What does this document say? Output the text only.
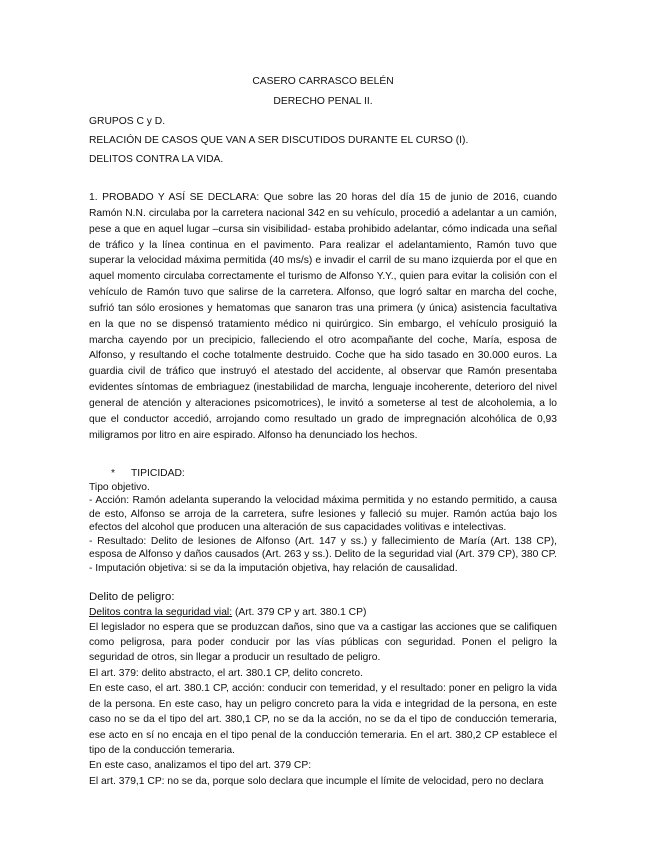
CASERO CARRASCO BELÉN
DERECHO PENAL II.
GRUPOS C y D.
RELACIÓN DE CASOS QUE VAN A SER DISCUTIDOS DURANTE EL CURSO (I).
DELITOS CONTRA LA VIDA.

1. PROBADO Y ASÍ SE DECLARA: Que sobre las 20 horas del día 15 de junio de 2016, cuando Ramón N.N. circulaba por la carretera nacional 342 en su vehículo, procedió a adelantar a un camión, pese a que en aquel lugar –cursa sin visibilidad- estaba prohibido adelantar, cómo indicada una señal de tráfico y la línea continua en el pavimento. Para realizar el adelantamiento, Ramón tuvo que superar la velocidad máxima permitida (40 ms/s) e invadir el carril de su mano izquierda por el que en aquel momento circulaba correctamente el turismo de Alfonso Y.Y., quien para evitar la colisión con el vehículo de Ramón tuvo que salirse de la carretera. Alfonso, que logró saltar en marcha del coche, sufrió tan sólo erosiones y hematomas que sanaron tras una primera (y única) asistencia facultativa en la que no se dispensó tratamiento médico ni quirúrgico. Sin embargo, el vehículo prosiguió la marcha cayendo por un precipicio, falleciendo el otro acompañante del coche, María, esposa de Alfonso, y resultando el coche totalmente destruido. Coche que ha sido tasado en 30.000 euros. La guardia civil de tráfico que instruyó el atestado del accidente, al observar que Ramón presentaba evidentes síntomas de embriaguez (inestabilidad de marcha, lenguaje incoherente, deterioro del nivel general de atención y alteraciones psicomotrices), le invitó a someterse al test de alcoholemia, a lo que el conductor accedió, arrojando como resultado un grado de impregnación alcohólica de 0,93 miligramos por litro en aire espirado. Alfonso ha denunciado los hechos.

* TIPICIDAD:

Tipo objetivo.

- Acción: Ramón adelanta superando la velocidad máxima permitida y no estando permitido, a causa de esto, Alfonso se arroja de la carretera, sufre lesiones y falleció su mujer. Ramón actúa bajo los efectos del alcohol que producen una alteración de sus capacidades volitivas e intelectivas.

- Resultado: Delito de lesiones de Alfonso (Art. 147 y ss.) y fallecimiento de María (Art. 138 CP), esposa de Alfonso y daños causados (Art. 263 y ss.). Delito de la seguridad vial (Art. 379 CP), 380 CP.

- Imputación objetiva: si se da la imputación objetiva, hay relación de causalidad.

Delito de peligro:
Delitos contra la seguridad vial: (Art. 379 CP y art. 380.1 CP)

El legislador no espera que se produzcan daños, sino que va a castigar las acciones que se califiquen como peligrosa, para poder conducir por las vías públicas con seguridad. Ponen el peligro la seguridad de otros, sin llegar a producir un resultado de peligro.

El art. 379: delito abstracto, el art. 380.1 CP, delito concreto.

En este caso, el art. 380.1 CP, acción: conducir con temeridad, y el resultado: poner en peligro la vida de la persona. En este caso, hay un peligro concreto para la vida e integridad de la persona, en este caso no se da el tipo del art. 380,1 CP, no se da la acción, no se da el tipo de conducción temeraria, ese acto en sí no encaja en el tipo penal de la conducción temeraria. En el art. 380,2 CP establece el tipo de la conducción temeraria.

En este caso, analizamos el tipo del art. 379 CP:

El art. 379,1 CP: no se da, porque solo declara que incumple el límite de velocidad, pero no declara
